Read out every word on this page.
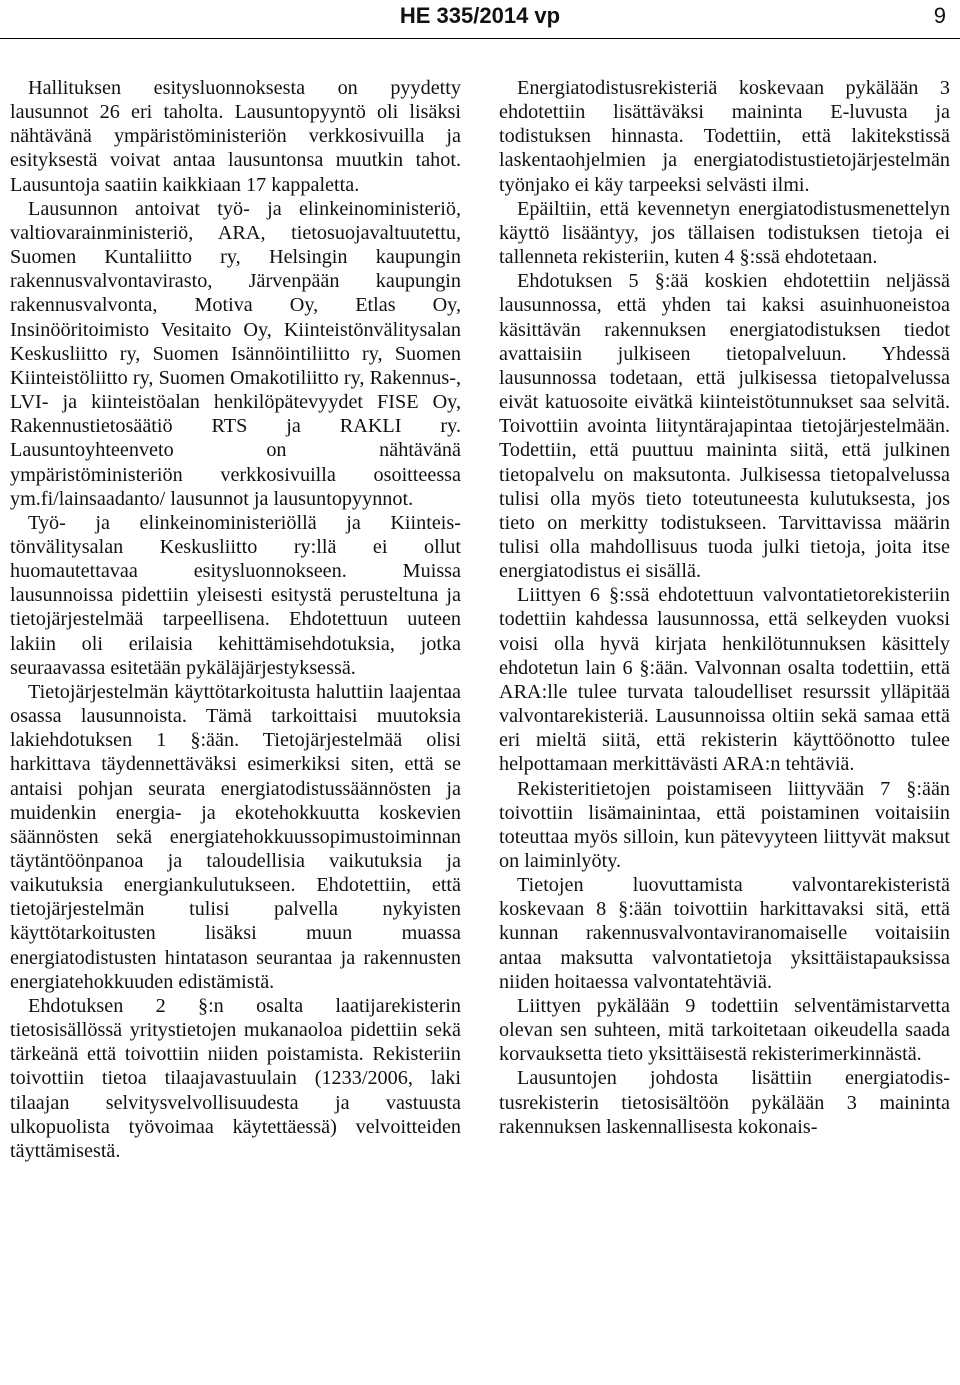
HE 335/2014 vp	9

Hallituksen esitysluonnoksesta on pyydetty lausunnot 26 eri taholta. Lausuntopyyntö oli lisäksi nähtävänä ympäristöministeriön verkkosivuilla ja esityksestä voivat antaa lausuntonsa muutkin tahot. Lausuntoja saatiin kaikkiaan 17 kappaletta.

Lausunnon antoivat työ- ja elinkeinoministeriö, valtiovarainministeriö, ARA, tietosuojavaltuutettu, Suomen Kuntaliitto ry, Helsingin kaupungin rakennusvalvontavirasto, Järvenpään kaupungin rakennusvalvonta, Motiva Oy, Etlas Oy, Insinööritoimisto Vesitaito Oy, Kiinteistönvälitysalan Keskusliitto ry, Suomen Isännöintiliitto ry, Suomen Kiinteistöliitto ry, Suomen Omakotiliitto ry, Rakennus-, LVI- ja kiinteistöalan henkilöpätevyydet FISE Oy, Rakennustietosäätiö RTS ja RAKLI ry. Lausuntoyhteenveto on nähtävänä ympäristöministeriön verkkosivuilla osoitteessa ym.fi/lainsaadanto/ lausunnot ja lausuntopyynnot.

Työ- ja elinkeinoministeriöllä ja Kiinteistönvälitysalan Keskusliitto ry:llä ei ollut huomautettavaa esitysluonnokseen. Muissa lausunnoissa pidettiin yleisesti esitystä perusteltuna ja tietojärjestelmää tarpeellisena. Ehdotettuun uuteen lakiin oli erilaisia kehittämisehdotuksia, jotka seuraavassa esitetään pykäläjärjestyksessä.

Tietojärjestelmän käyttötarkoitusta haluttiin laajentaa osassa lausunnoista. Tämä tarkoittaisi muutoksia lakiehdotuksen 1 §:ään. Tietojärjestelmää olisi harkittava täydennettäväksi esimerkiksi siten, että se antaisi pohjan seurata energiatodistussäännösten ja muidenkin energia- ja ekotehokkuutta koskevien säännösten sekä energiatehokkuussopimustoiminnan täytäntöönpanoa ja taloudellisia vaikutuksia ja vaikutuksia energiankulutukseen. Ehdotettiin, että tietojärjestelmän tulisi palvella nykyisten käyttötarkoitusten lisäksi muun muassa energiatodistusten hintatason seurantaa ja rakennusten energiatehokkuuden edistämistä.

Ehdotuksen 2 §:n osalta laatijarekisterin tietosisällössä yritystietojen mukanaoloa pidettiin sekä tärkeänä että toivottiin niiden poistamista. Rekisteriin toivottiin tietoa tilaajavastuulain (1233/2006, laki tilaajan selvitysvelvollisuudesta ja vastuusta ulkopuolista työvoimaa käytettäessä) velvoitteiden täyttämisestä.

Energiatodistusrekisteriä koskevaan pykälään 3 ehdotettiin lisättäväksi maininta E-luvusta ja todistuksen hinnasta. Todettiin, että lakitekstissä laskentaohjelmien ja energiatodistustietojärjestelmän työnjako ei käy tarpeeksi selvästi ilmi.

Epäiltiin, että kevennetyn energiatodistusmenettelyn käyttö lisääntyy, jos tällaisen todistuksen tietoja ei tallenneta rekisteriin, kuten 4 §:ssä ehdotetaan.

Ehdotuksen 5 §:ää koskien ehdotettiin neljässä lausunnossa, että yhden tai kaksi asuinhuoneistoa käsittävän rakennuksen energiatodistuksen tiedot avattaisiin julkiseen tietopalveluun. Yhdessä lausunnossa todetaan, että julkisessa tietopalvelussa eivät katuosoite eivätkä kiinteistötunnukset saa selvitä. Toivottiin avointa liityntärajapintaa tietojärjestelmään. Todettiin, että puuttuu maininta siitä, että julkinen tietopalvelu on maksutonta. Julkisessa tietopalvelussa tulisi olla myös tieto toteutuneesta kulutuksesta, jos tieto on merkitty todistukseen. Tarvittavissa määrin tulisi olla mahdollisuus tuoda julki tietoja, joita itse energiatodistus ei sisällä.

Liittyen 6 §:ssä ehdotettuun valvontatietorekisteriin todettiin kahdessa lausunnossa, että selkeyden vuoksi voisi olla hyvä kirjata henkilötunnuksen käsittely ehdotetun lain 6 §:ään. Valvonnan osalta todettiin, että ARA:lle tulee turvata taloudelliset resurssit ylläpitää valvontarekisteriä. Lausunnoissa oltiin sekä samaa että eri mieltä siitä, että rekisterin käyttöönotto tulee helpottamaan merkittävästi ARA:n tehtäviä.

Rekisteritietojen poistamiseen liittyvään 7 §:ään toivottiin lisämainintaa, että poistaminen voitaisiin toteuttaa myös silloin, kun pätevyyteen liittyvät maksut on laiminlyöty.

Tietojen luovuttamista valvontarekisteristä koskevaan 8 §:ään toivottiin harkittavaksi sitä, että kunnan rakennusvalvontaviranomaiselle voitaisiin antaa maksutta valvontatietoja yksittäistapauksissa niiden hoitaessa valvontatehtäviä.

Liittyen pykälään 9 todettiin selventämistarvetta olevan sen suhteen, mitä tarkoitetaan oikeudella saada korvauksetta tieto yksittäisestä rekisterimerkinnästä.

Lausuntojen johdosta lisättiin energiatodistusrekisterin tietosisältöön pykälään 3 maininta rakennuksen laskennallisesta kokonais-
